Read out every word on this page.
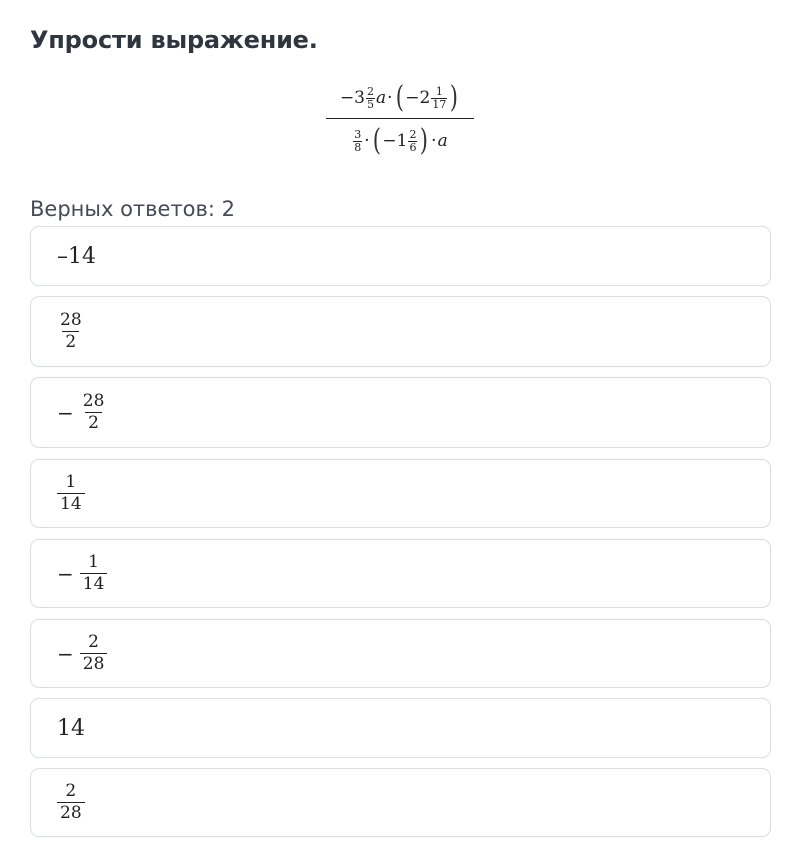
Упрости выражение.
$-3 \frac{2}{5}$ a · ( $-2 \frac{1}{17}$ )
$\frac{3}{8}$ · ( $-1 \frac{2}{6}$ ) · a
Верных ответов: 2
–14
$\frac{28}{2}$
− $\frac{28}{2}$
$\frac{1}{14}$
− $\frac{1}{14}$
− $\frac{2}{28}$
14
$\frac{2}{28}$
